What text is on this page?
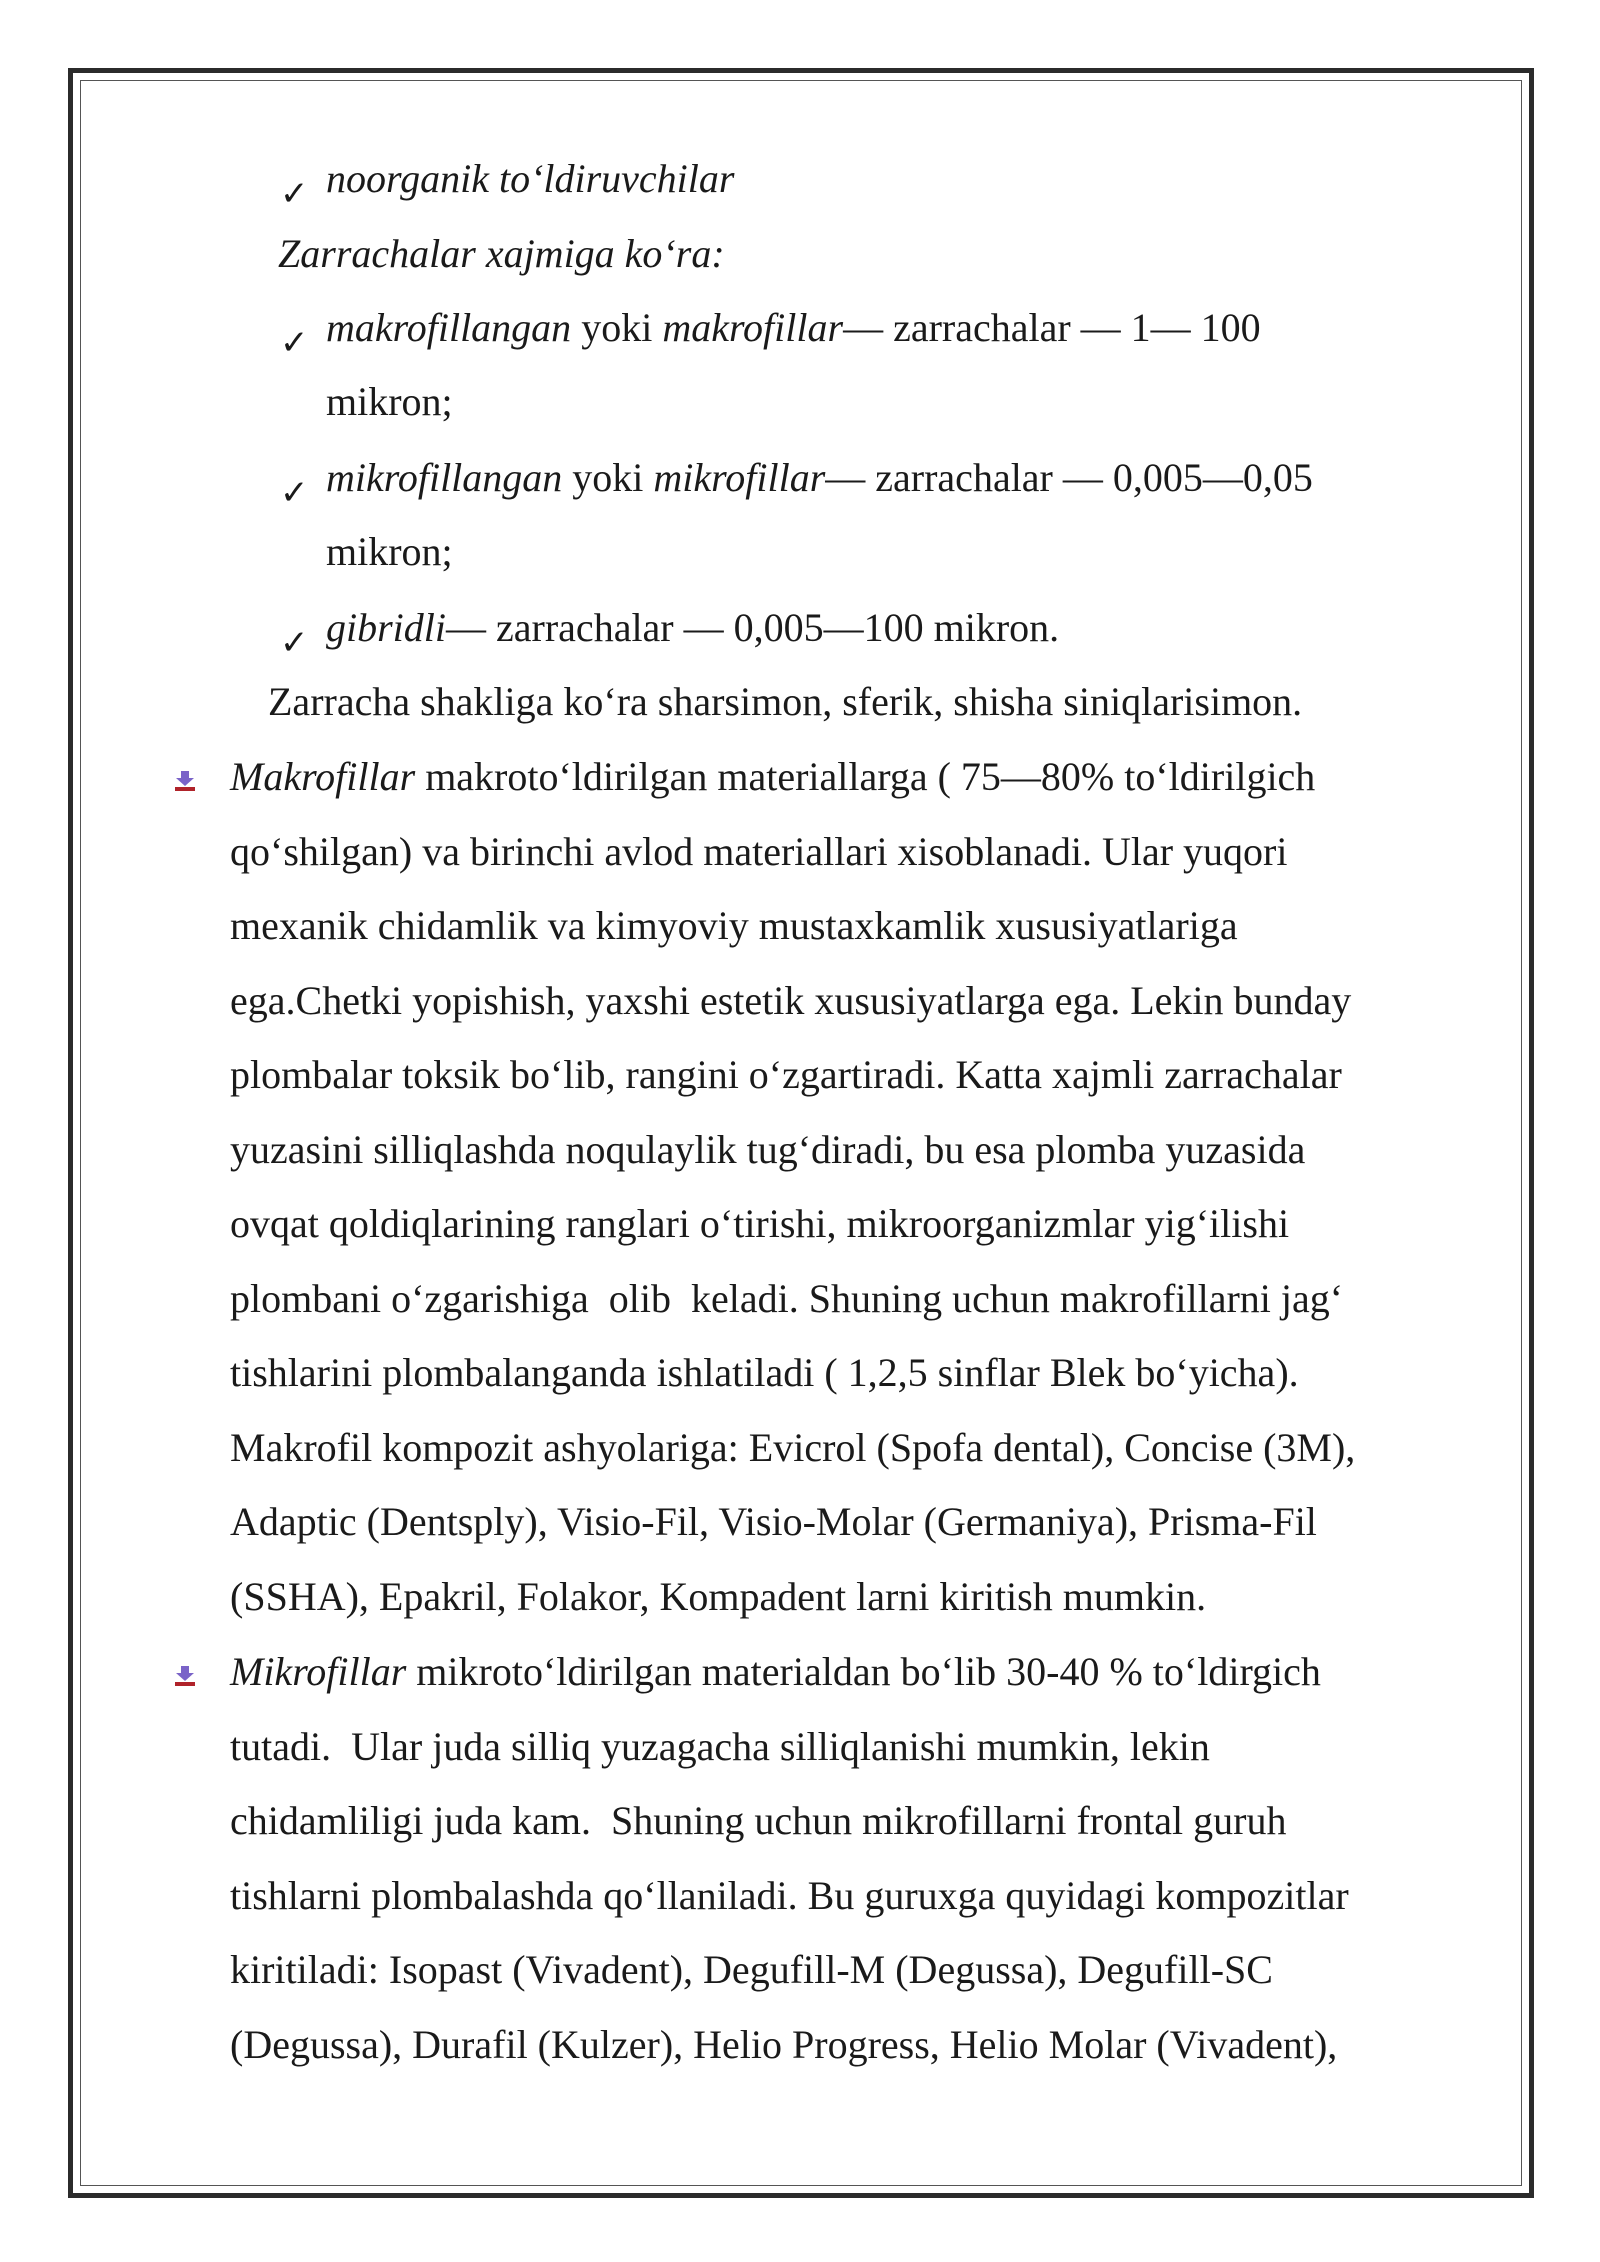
✓ noorganik to‘ldiruvchilar
Zarrachalar xajmiga ko‘ra:
✓ makrofillangan yoki makrofillar— zarrachalar — 1— 100
mikron;
✓ mikrofillangan yoki mikrofillar— zarrachalar — 0,005—0,05
mikron;
✓ gibridli— zarrachalar — 0,005—100 mikron.
Zarracha shakliga ko‘ra sharsimon, sferik, shisha siniqlarisimon.
Makrofillar makroto‘ldirilgan materiallarga ( 75—80% to‘ldirilgich
qo‘shilgan) va birinchi avlod materiallari xisoblanadi. Ular yuqori
mexanik chidamlik va kimyoviy mustaxkamlik xususiyatlariga
ega.Chetki yopishish, yaxshi estetik xususiyatlarga ega. Lekin bunday
plombalar toksik bo‘lib, rangini o‘zgartiradi. Katta xajmli zarrachalar
yuzasini silliqlashda noqulaylik tug‘diradi, bu esa plomba yuzasida
ovqat qoldiqlarining ranglari o‘tirishi, mikroorganizmlar yig‘ilishi
plombani o‘zgarishiga  olib  keladi. Shuning uchun makrofillarni jag‘
tishlarini plombalanganda ishlatiladi ( 1,2,5 sinflar Blek bo‘yicha).
Makrofil kompozit ashyolariga: Evicrol (Spofa dental), Concise (3M),
Adaptic (Dentsply), Visio-Fil, Visio-Molar (Germaniya), Prisma-Fil
(SSHA), Epakril, Folakor, Kompadent larni kiritish mumkin.
Mikrofillar mikroto‘ldirilgan materialdan bo‘lib 30-40 % to‘ldirgich
tutadi.  Ular juda silliq yuzagacha silliqlanishi mumkin, lekin
chidamliligi juda kam.  Shuning uchun mikrofillarni frontal guruh
tishlarni plombalashda qo‘llaniladi. Bu guruxga quyidagi kompozitlar
kiritiladi: Isopast (Vivadent), Degufill-M (Degussa), Degufill-SC
(Degussa), Durafil (Kulzer), Helio Progress, Helio Molar (Vivadent),
